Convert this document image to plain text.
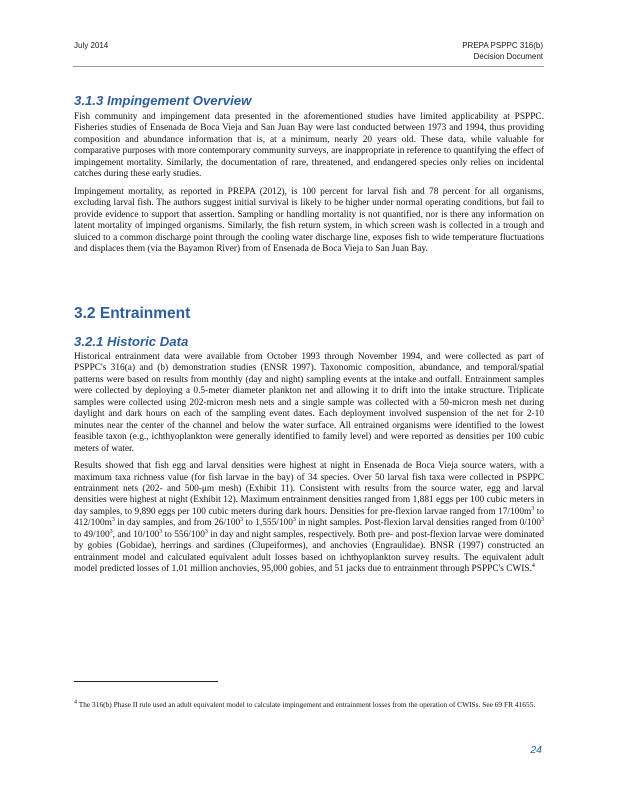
July 2014	PREPA PSPPC 316(b)
Decision Document
3.1.3 Impingement Overview

Fish community and impingement data presented in the aforementioned studies have limited applicability at PSPPC. Fisheries studies of Ensenada de Boca Vieja and San Juan Bay were last conducted between 1973 and 1994, thus providing composition and abundance information that is, at a minimum, nearly 20 years old. These data, while valuable for comparative purposes with more contemporary community surveys, are inappropriate in reference to quantifying the effect of impingement mortality. Similarly, the documentation of rare, threatened, and endangered species only relies on incidental catches during these early studies.

Impingement mortality, as reported in PREPA (2012), is 100 percent for larval fish and 78 percent for all organisms, excluding larval fish. The authors suggest initial survival is likely to be higher under normal operating conditions, but fail to provide evidence to support that assertion. Sampling or handling mortality is not quantified, nor is there any information on latent mortality of impinged organisms. Similarly, the fish return system, in which screen wash is collected in a trough and sluiced to a common discharge point through the cooling water discharge line, exposes fish to wide temperature fluctuations and displaces them (via the Bayamon River) from of Ensenada de Boca Vieja to San Juan Bay.

3.2 Entrainment
3.2.1 Historic Data

Historical entrainment data were available from October 1993 through November 1994, and were collected as part of PSPPC's 316(a) and (b) demonstration studies (ENSR 1997). Taxonomic composition, abundance, and temporal/spatial patterns were based on results from monthly (day and night) sampling events at the intake and outfall. Entrainment samples were collected by deploying a 0.5-meter diameter plankton net and allowing it to drift into the intake structure. Triplicate samples were collected using 202-micron mesh nets and a single sample was collected with a 50-micron mesh net during daylight and dark hours on each of the sampling event dates. Each deployment involved suspension of the net for 2-10 minutes near the center of the channel and below the water surface. All entrained organisms were identified to the lowest feasible taxon (e.g., ichthyoplankton were generally identified to family level) and were reported as densities per 100 cubic meters of water.

Results showed that fish egg and larval densities were highest at night in Ensenada de Boca Vieja source waters, with a maximum taxa richness value (for fish larvae in the bay) of 34 species. Over 50 larval fish taxa were collected in PSPPC entrainment nets (202- and 500-μm mesh) (Exhibit 11). Consistent with results from the source water, egg and larval densities were highest at night (Exhibit 12). Maximum entrainment densities ranged from 1,881 eggs per 100 cubic meters in day samples, to 9,890 eggs per 100 cubic meters during dark hours. Densities for pre-flexion larvae ranged from $17/100m^3$ to $412/100m^3$ in day samples, and from $26/100^3$ to $1,555/100^3$ in night samples. Post-flexion larval densities ranged from $0/100^3$ to $49/100^3$, and $10/100^3$ to $556/100^3$ in day and night samples, respectively. Both pre- and post-flexion larvae were dominated by gobies (Gobidae), herrings and sardines (Clupeiformes), and anchovies (Engraulidae). BNSR (1997) constructed an entrainment model and calculated equivalent adult losses based on ichthyoplankton survey results. The equivalent adult model predicted losses of 1.01 million anchovies, 95,000 gobies, and 51 jacks due to entrainment through PSPPC's CWIS.$^4$

$^4$ The 316(b) Phase II rule used an adult equivalent model to calculate impingement and entrainment losses from the operation of CWISs. See 69 FR 41655.
24
